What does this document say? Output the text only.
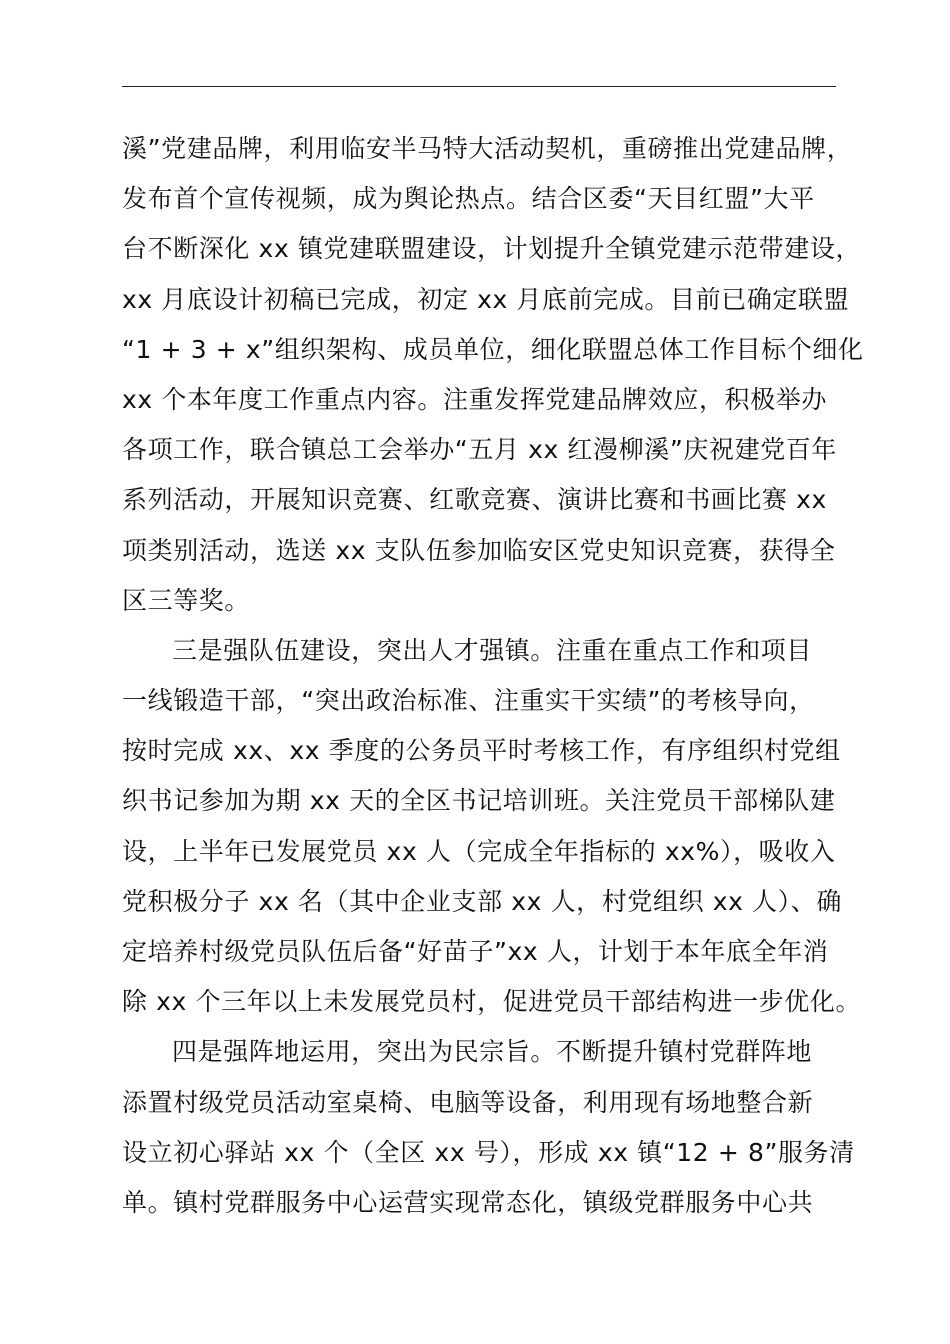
溪”党建品牌，利用临安半马特大活动契机，重磅推出党建品牌，
发布首个宣传视频，成为舆论热点。结合区委“天目红盟”大平
台不断深化 xx 镇党建联盟建设，计划提升全镇党建示范带建设，
xx 月底设计初稿已完成，初定 xx 月底前完成。目前已确定联盟
“1 + 3 + x”组织架构、成员单位，细化联盟总体工作目标个细化
xx 个本年度工作重点内容。注重发挥党建品牌效应，积极举办
各项工作，联合镇总工会举办“五月 xx 红漫柳溪”庆祝建党百年
系列活动，开展知识竞赛、红歌竞赛、演讲比赛和书画比赛 xx
项类别活动，选送 xx 支队伍参加临安区党史知识竞赛，获得全
区三等奖。
三是强队伍建设，突出人才强镇。注重在重点工作和项目
一线锻造干部，“突出政治标准、注重实干实绩”的考核导向，
按时完成 xx、xx 季度的公务员平时考核工作，有序组织村党组
织书记参加为期 xx 天的全区书记培训班。关注党员干部梯队建
设，上半年已发展党员 xx 人（完成全年指标的 xx%），吸收入
党积极分子 xx 名（其中企业支部 xx 人，村党组织 xx 人）、确
定培养村级党员队伍后备“好苗子”xx 人，计划于本年底全年消
除 xx 个三年以上未发展党员村，促进党员干部结构进一步优化。
四是强阵地运用，突出为民宗旨。不断提升镇村党群阵地
添置村级党员活动室桌椅、电脑等设备，利用现有场地整合新
设立初心驿站 xx 个（全区 xx 号），形成 xx 镇“12 + 8”服务清
单。镇村党群服务中心运营实现常态化，镇级党群服务中心共
